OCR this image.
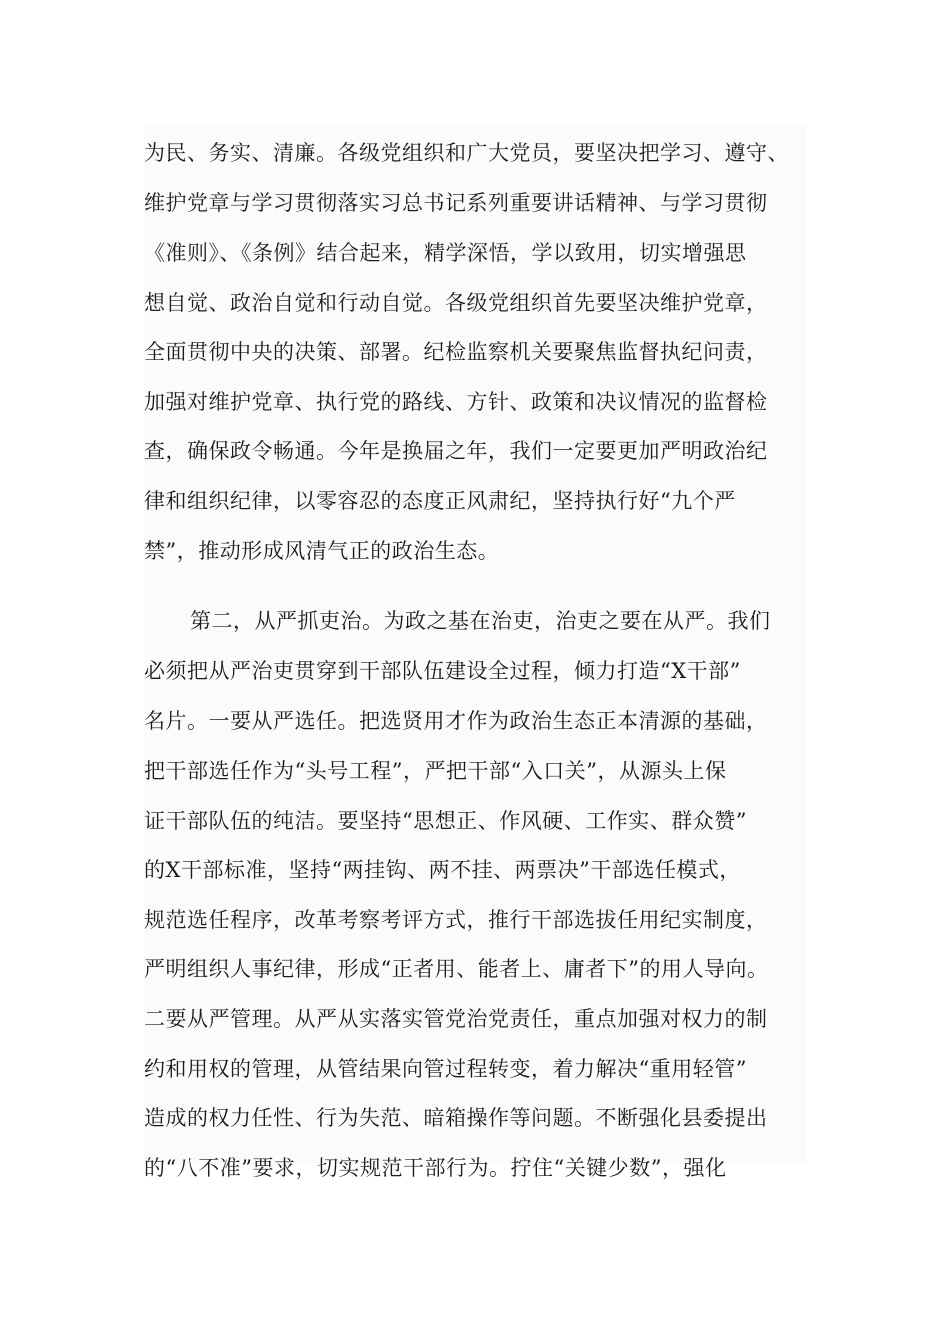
为民、务实、清廉。各级党组织和广大党员，要坚决把学习、遵守、
维护党章与学习贯彻落实习总书记系列重要讲话精神、与学习贯彻
《准则》、《条例》结合起来，精学深悟，学以致用，切实增强思
想自觉、政治自觉和行动自觉。各级党组织首先要坚决维护党章，
全面贯彻中央的决策、部署。纪检监察机关要聚焦监督执纪问责，
加强对维护党章、执行党的路线、方针、政策和决议情况的监督检
查，确保政令畅通。今年是换届之年，我们一定要更加严明政治纪
律和组织纪律，以零容忍的态度正风肃纪，坚持执行好“九个严
禁”，推动形成风清气正的政治生态。
第二，从严抓吏治。为政之基在治吏，治吏之要在从严。我们
必须把从严治吏贯穿到干部队伍建设全过程，倾力打造“X干部”
名片。一要从严选任。把选贤用才作为政治生态正本清源的基础，
把干部选任作为“头号工程”，严把干部“入口关”，从源头上保
证干部队伍的纯洁。要坚持“思想正、作风硬、工作实、群众赞”
的X干部标准，坚持“两挂钩、两不挂、两票决”干部选任模式，
规范选任程序，改革考察考评方式，推行干部选拔任用纪实制度，
严明组织人事纪律，形成“正者用、能者上、庸者下”的用人导向。
二要从严管理。从严从实落实管党治党责任，重点加强对权力的制
约和用权的管理，从管结果向管过程转变，着力解决“重用轻管”
造成的权力任性、行为失范、暗箱操作等问题。不断强化县委提出
的“八不准”要求，切实规范干部行为。拧住“关键少数”，强化
